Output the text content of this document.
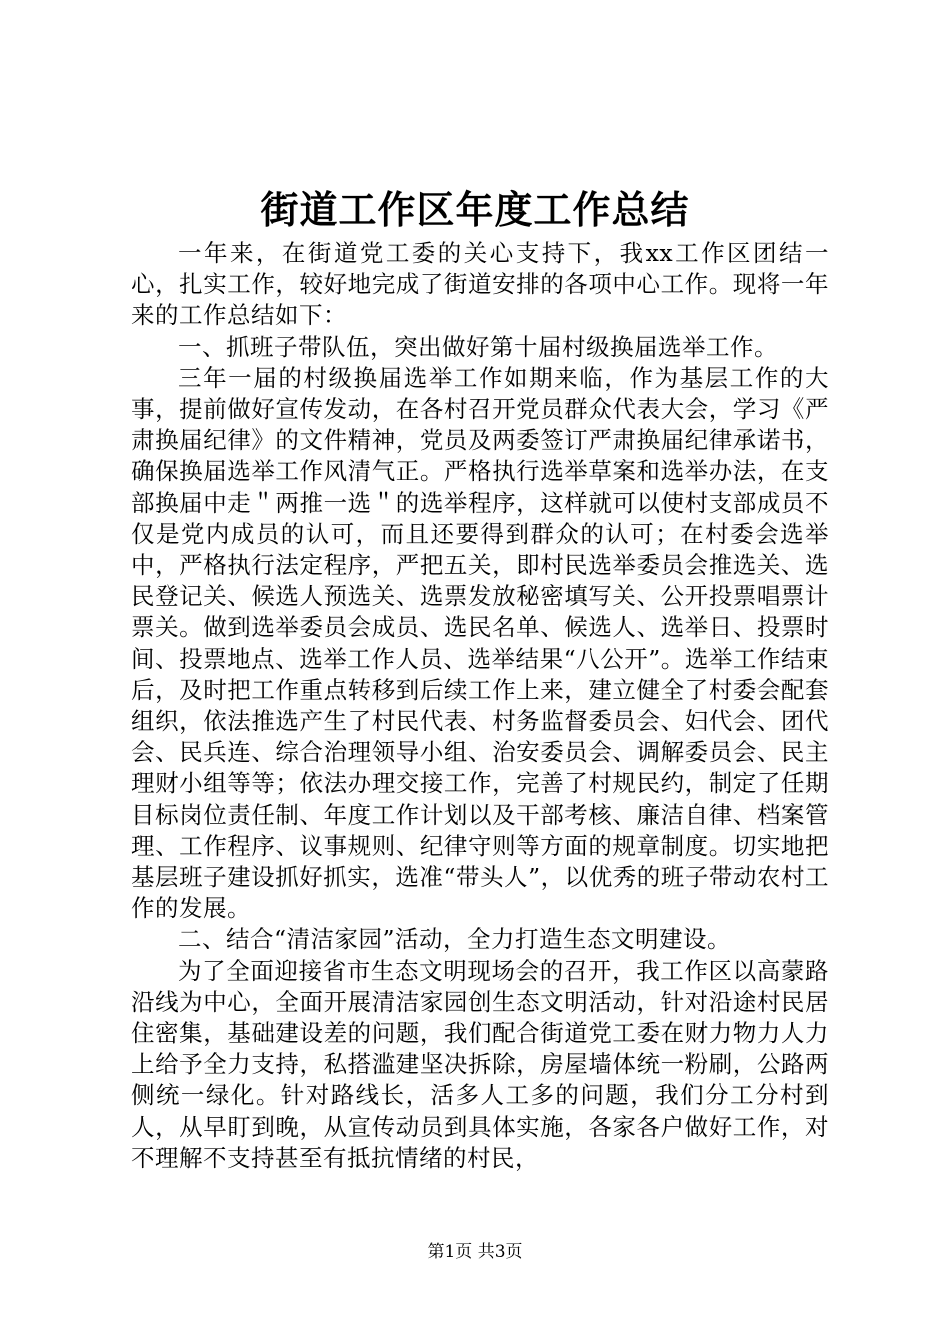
街道工作区年度工作总结

一年来，在街道党工委的关心支持下，我xx工作区团结一心，扎实工作，较好地完成了街道安排的各项中心工作。现将一年来的工作总结如下：

一、抓班子带队伍，突出做好第十届村级换届选举工作。

三年一届的村级换届选举工作如期来临，作为基层工作的大事，提前做好宣传发动，在各村召开党员群众代表大会，学习《严肃换届纪律》的文件精神，党员及两委签订严肃换届纪律承诺书，确保换届选举工作风清气正。严格执行选举草案和选举办法，在支部换届中走＂两推一选＂的选举程序，这样就可以使村支部成员不仅是党内成员的认可，而且还要得到群众的认可；在村委会选举中，严格执行法定程序，严把五关，即村民选举委员会推选关、选民登记关、候选人预选关、选票发放秘密填写关、公开投票唱票计票关。做到选举委员会成员、选民名单、候选人、选举日、投票时间、投票地点、选举工作人员、选举结果“八公开”。选举工作结束后，及时把工作重点转移到后续工作上来，建立健全了村委会配套组织，依法推选产生了村民代表、村务监督委员会、妇代会、团代会、民兵连、综合治理领导小组、治安委员会、调解委员会、民主理财小组等等；依法办理交接工作，完善了村规民约，制定了任期目标岗位责任制、年度工作计划以及干部考核、廉洁自律、档案管理、工作程序、议事规则、纪律守则等方面的规章制度。切实地把基层班子建设抓好抓实，选准“带头人”，以优秀的班子带动农村工作的发展。

二、结合“清洁家园”活动，全力打造生态文明建设。

为了全面迎接省市生态文明现场会的召开，我工作区以高蒙路沿线为中心，全面开展清洁家园创生态文明活动，针对沿途村民居住密集，基础建设差的问题，我们配合街道党工委在财力物力人力上给予全力支持，私搭滥建坚决拆除，房屋墙体统一粉刷，公路两侧统一绿化。针对路线长，活多人工多的问题，我们分工分村到人，从早盯到晚，从宣传动员到具体实施，各家各户做好工作，对不理解不支持甚至有抵抗情绪的村民，

第1页 共3页
